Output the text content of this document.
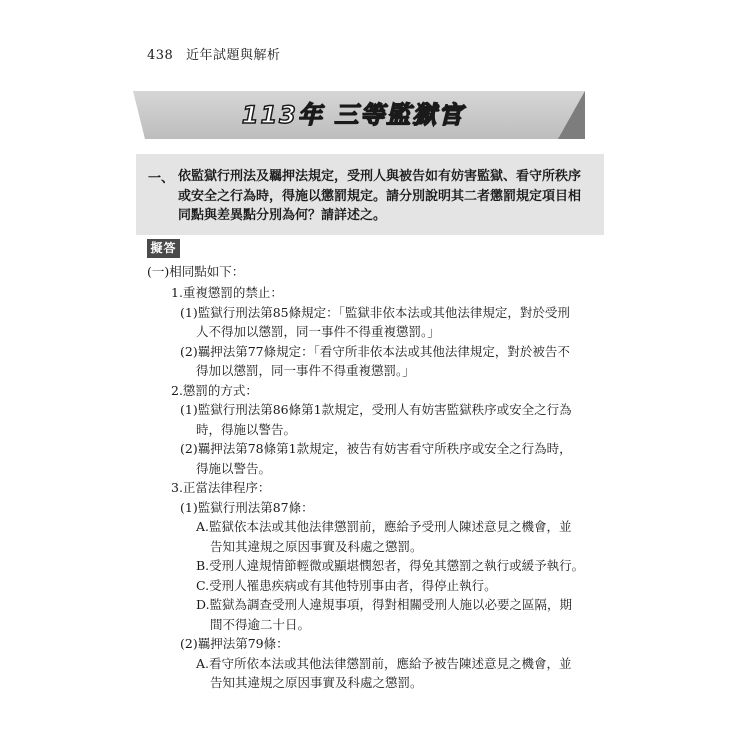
438 近年試題與解析
113年 三等監獄官
一、 依監獄行刑法及羈押法規定，受刑人與被告如有妨害監獄、看守所秩序或安全之行為時，得施以懲罰規定。請分別說明其二者懲罰規定項目相同點與差異點分別為何？請詳述之。
擬答
(一)相同點如下：
1.重複懲罰的禁止：
(1)監獄行刑法第85條規定：「監獄非依本法或其他法律規定，對於受刑
人不得加以懲罰，同一事件不得重複懲罰。」
(2)羈押法第77條規定：「看守所非依本法或其他法律規定，對於被告不
得加以懲罰，同一事件不得重複懲罰。」
2.懲罰的方式：
(1)監獄行刑法第86條第1款規定，受刑人有妨害監獄秩序或安全之行為
時，得施以警告。
(2)羈押法第78條第1款規定，被告有妨害看守所秩序或安全之行為時，
得施以警告。
3.正當法律程序：
(1)監獄行刑法第87條：
A.監獄依本法或其他法律懲罰前，應給予受刑人陳述意見之機會，並
告知其違規之原因事實及科處之懲罰。
B.受刑人違規情節輕微或顯堪憫恕者，得免其懲罰之執行或緩予執行。
C.受刑人罹患疾病或有其他特別事由者，得停止執行。
D.監獄為調查受刑人違規事項，得對相關受刑人施以必要之區隔，期
間不得逾二十日。
(2)羈押法第79條：
A.看守所依本法或其他法律懲罰前，應給予被告陳述意見之機會，並
告知其違規之原因事實及科處之懲罰。
